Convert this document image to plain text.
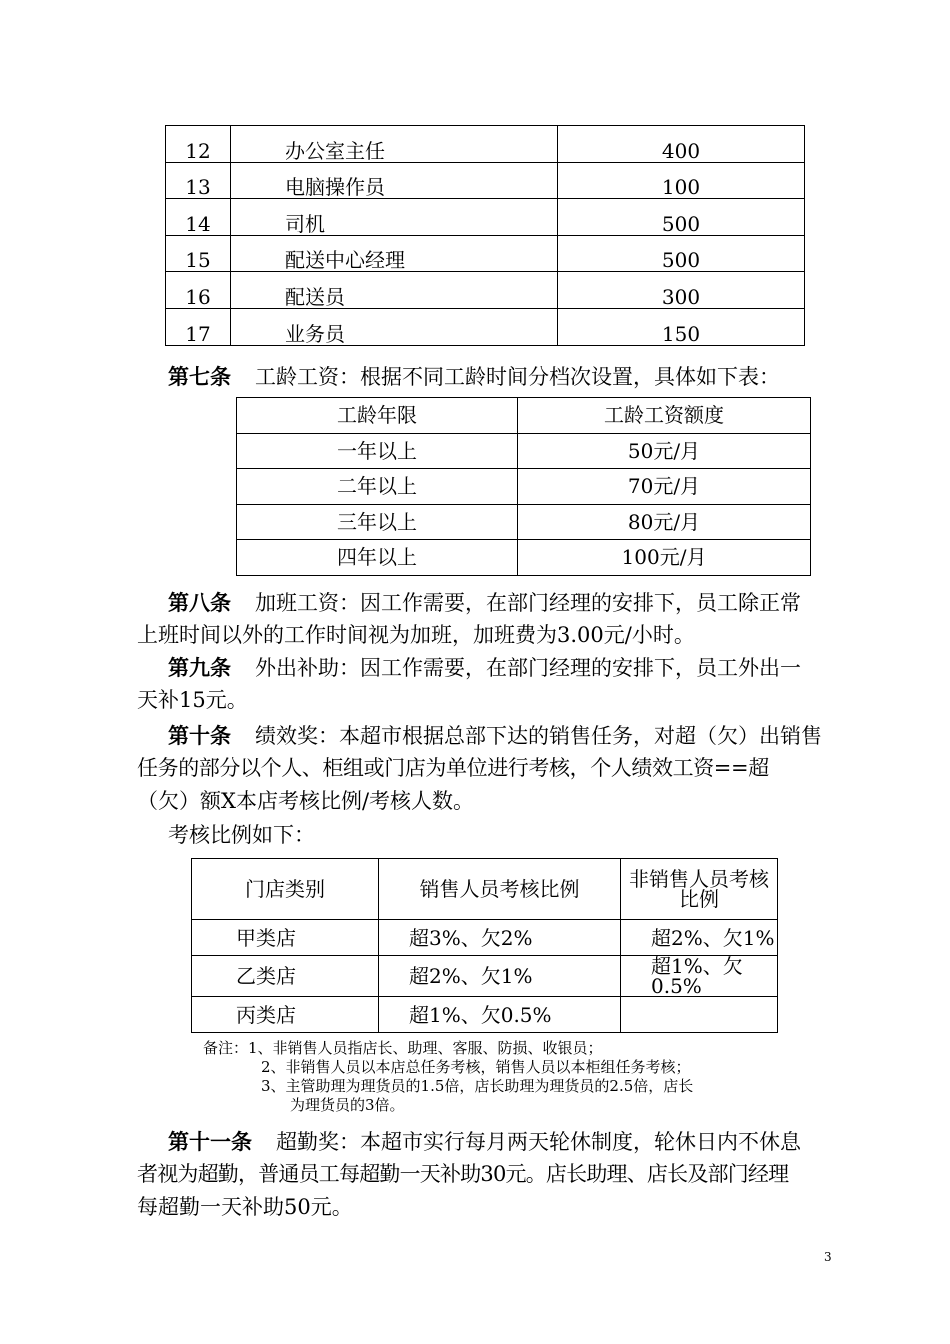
12	办公室主任	400
13	电脑操作员	100
14	司机	500
15	配送中心经理	500
16	配送员	300
17	业务员	150
第七条 工龄工资：根据不同工龄时间分档次设置，具体如下表：
工龄年限	工龄工资额度
一年以上	50元/月
二年以上	70元/月
三年以上	80元/月
四年以上	100元/月
第八条 加班工资：因工作需要，在部门经理的安排下，员工除正常
上班时间以外的工作时间视为加班，加班费为3.00元/小时。
第九条 外出补助：因工作需要，在部门经理的安排下，员工外出一
天补15元。
第十条 绩效奖：本超市根据总部下达的销售任务，对超（欠）出销售
任务的部分以个人、柜组或门店为单位进行考核，个人绩效工资==超
（欠）额X本店考核比例/考核人数。
考核比例如下：
门店类别	销售人员考核比例	非销售人员考核比例
甲类店	超3%、欠2%	超2%、欠1%
乙类店	超2%、欠1%	超1%、欠0.5%
丙类店	超1%、欠0.5%	
备注：1、非销售人员指店长、助理、客服、防损、收银员；
2、非销售人员以本店总任务考核，销售人员以本柜组任务考核；
3、主管助理为理货员的1.5倍，店长助理为理货员的2.5倍，店长
为理货员的3倍。
第十一条 超勤奖：本超市实行每月两天轮休制度，轮休日内不休息
者视为超勤，普通员工每超勤一天补助30元。店长助理、店长及部门经理
每超勤一天补助50元。
3
